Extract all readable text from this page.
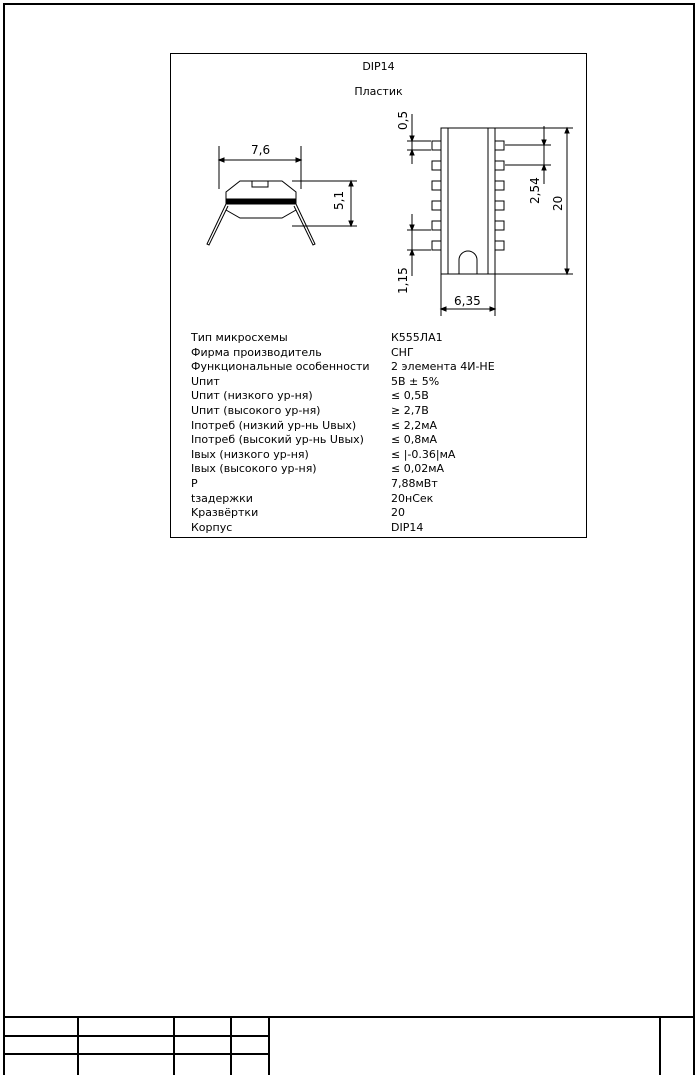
DIP14
Пластик
7,6
5,1
0,5
1,15
2,54 20
6,35
Тип микросхемы	К555ЛА1
Фирма производитель	СНГ
Функциональные особенности	2 элемента 4И-НЕ
Uпит	5В ± 5%
Uпит (низкого ур-ня)	≤ 0,5В
Uпит (высокого ур-ня)	≥ 2,7В
Iпотреб (низкий ур-нь Uвых)	≤ 2,2мА
Iпотреб (высокий ур-нь Uвых)	≤ 0,8мА
Iвых (низкого ур-ня)	≤ |-0.36|мА
Iвых (высокого ур-ня)	≤ 0,02мА
P	7,88мВт
tзадержки	20нСек
Kразвёртки	20
Корпус	DIP14
